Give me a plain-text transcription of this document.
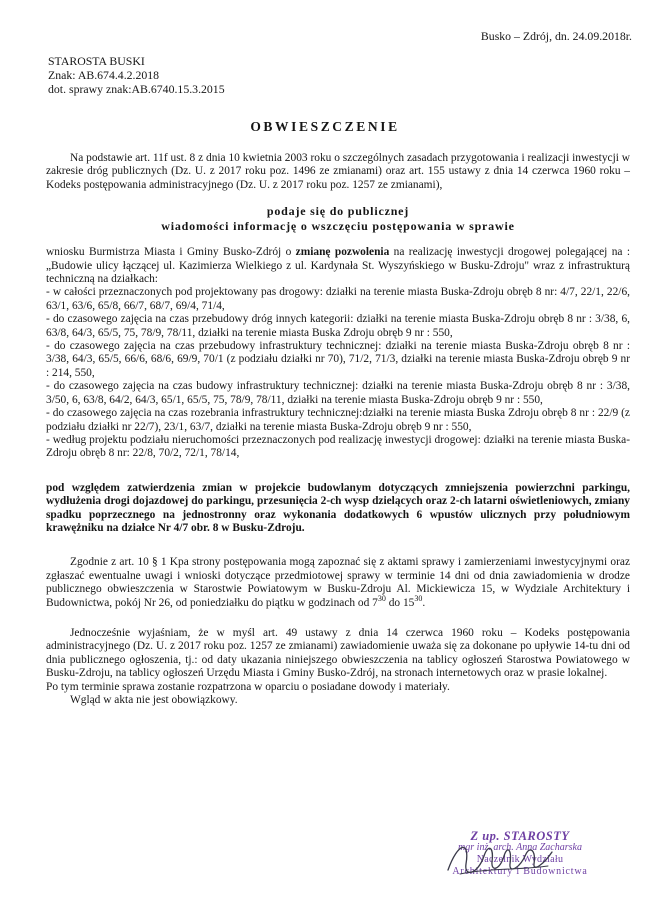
Busko – Zdrój, dn. 24.09.2018r.
STAROSTA BUSKI
Znak: AB.674.4.2.2018
dot. sprawy znak:AB.6740.15.3.2015
OBWIESZCZENIE

Na podstawie art. 11f ust. 8 z dnia 10 kwietnia 2003 roku o szczególnych zasadach przygotowania i realizacji inwestycji w zakresie dróg publicznych (Dz. U. z 2017 roku poz. 1496 ze zmianami) oraz art. 155 ustawy z dnia 14 czerwca 1960 roku – Kodeks postępowania administracyjnego (Dz. U. z 2017 roku poz. 1257 ze zmianami),

podaje się do publicznej
wiadomości informację o wszczęciu postępowania w sprawie

wniosku Burmistrza Miasta i Gminy Busko-Zdrój o zmianę pozwolenia na realizację inwestycji drogowej polegającej na : „Budowie ulicy łączącej ul. Kazimierza Wielkiego z ul. Kardynała St. Wyszyńskiego w Busku-Zdroju" wraz z infrastrukturą techniczną na działkach:

- w całości przeznaczonych pod projektowany pas drogowy: działki na terenie miasta Buska-Zdroju obręb 8 nr: 4/7, 22/1, 22/6, 63/1, 63/6, 65/8, 66/7, 68/7, 69/4, 71/4,

- do czasowego zajęcia na czas przebudowy dróg innych kategorii: działki na terenie miasta Buska-Zdroju obręb 8 nr : 3/38, 6, 63/8, 64/3, 65/5, 75, 78/9, 78/11, działki na terenie miasta Buska Zdroju obręb 9 nr : 550,

- do czasowego zajęcia na czas przebudowy infrastruktury technicznej: działki na terenie miasta Buska-Zdroju obręb 8 nr : 3/38, 64/3, 65/5, 66/6, 68/6, 69/9, 70/1 (z podziału działki nr 70), 71/2, 71/3, działki na terenie miasta Buska-Zdroju obręb 9 nr : 214, 550,

- do czasowego zajęcia na czas budowy infrastruktury technicznej: działki na terenie miasta Buska-Zdroju obręb 8 nr : 3/38, 3/50, 6, 63/8, 64/2, 64/3, 65/1, 65/5, 75, 78/9, 78/11, działki na terenie miasta Buska-Zdroju obręb 9 nr : 550,

- do czasowego zajęcia na czas rozebrania infrastruktury technicznej:działki na terenie miasta Buska Zdroju obręb 8 nr : 22/9 (z podziału działki nr 22/7), 23/1, 63/7, działki na terenie miasta Buska-Zdroju obręb 9 nr : 550,

- według projektu podziału nieruchomości przeznaczonych pod realizację inwestycji drogowej: działki na terenie miasta Buska-Zdroju obręb 8 nr: 22/8, 70/2, 72/1, 78/14,

pod względem zatwierdzenia zmian w projekcie budowlanym dotyczących zmniejszenia powierzchni parkingu, wydłużenia drogi dojazdowej do parkingu, przesunięcia 2-ch wysp dzielących oraz 2-ch latarni oświetleniowych, zmiany spadku poprzecznego na jednostronny oraz wykonania dodatkowych 6 wpustów ulicznych przy południowym krawężniku na działce Nr 4/7 obr. 8 w Busku-Zdroju.

Zgodnie z art. 10 § 1 Kpa strony postępowania mogą zapoznać się z aktami sprawy i zamierzeniami inwestycyjnymi oraz zgłaszać ewentualne uwagi i wnioski dotyczące przedmiotowej sprawy w terminie 14 dni od dnia zawiadomienia w drodze publicznego obwieszczenia w Starostwie Powiatowym w Busku-Zdroju Al. Mickiewicza 15, w Wydziale Architektury i Budownictwa, pokój Nr 26, od poniedziałku do piątku w godzinach od $7^{30}$ do $15^{30}$.

Jednocześnie wyjaśniam, że w myśl art. 49 ustawy z dnia 14 czerwca 1960 roku – Kodeks postępowania administracyjnego (Dz. U. z 2017 roku poz. 1257 ze zmianami) zawiadomienie uważa się za dokonane po upływie 14-tu dni od dnia publicznego ogłoszenia, tj.: od daty ukazania niniejszego obwieszczenia na tablicy ogłoszeń Starostwa Powiatowego w Busku-Zdroju, na tablicy ogłoszeń Urzędu Miasta i Gminy Busko-Zdrój, na stronach internetowych oraz w prasie lokalnej.

Po tym terminie sprawa zostanie rozpatrzona w oparciu o posiadane dowody i materiały.

Wgląd w akta nie jest obowiązkowy.

Z up. STAROSTY
mgr inż. arch. Anna Zacharska
Naczelnik Wydziału
Architektury i Budownictwa
